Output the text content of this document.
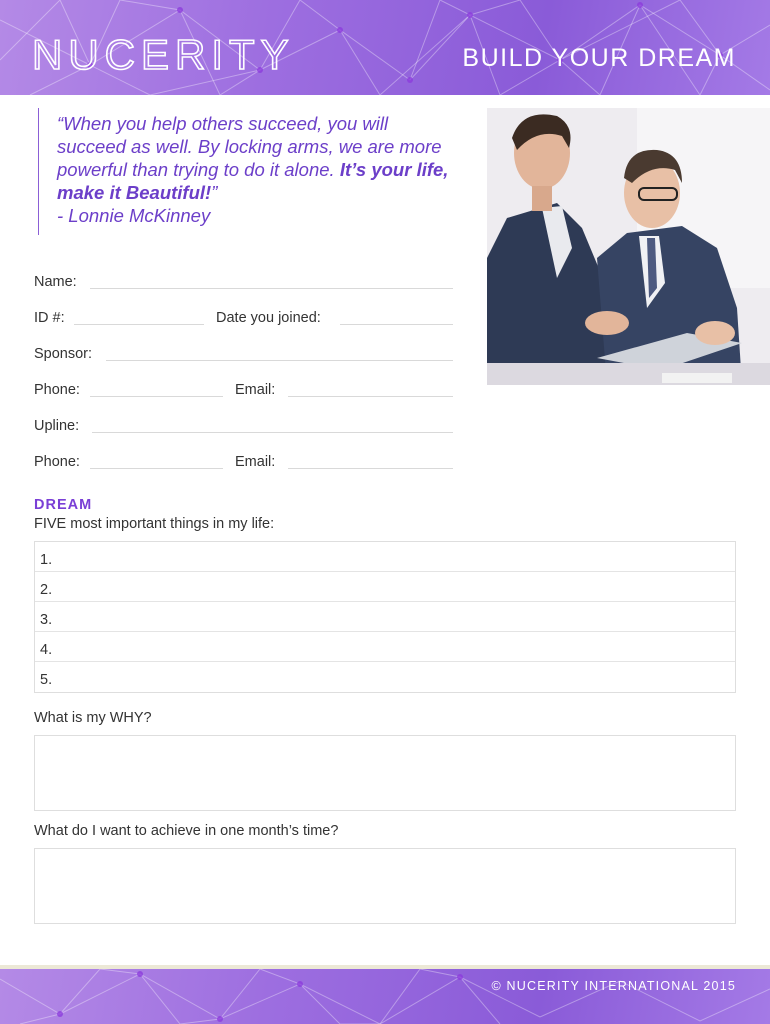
NUCERITY	BUILD YOUR DREAM

“When you help others succeed, you will succeed as well. By locking arms, we are more powerful than trying to do it alone. It’s your life, make it Beautiful!”
- Lonnie McKinney

Name:
ID #:	Date you joined:
Sponsor:
Phone:	Email:
Upline:
Phone:	Email:
DREAM
FIVE most important things in my life:
1.
2.
3.
4.
5.
What is my WHY?
What do I want to achieve in one month’s time?
© NUCERITY INTERNATIONAL 2015
